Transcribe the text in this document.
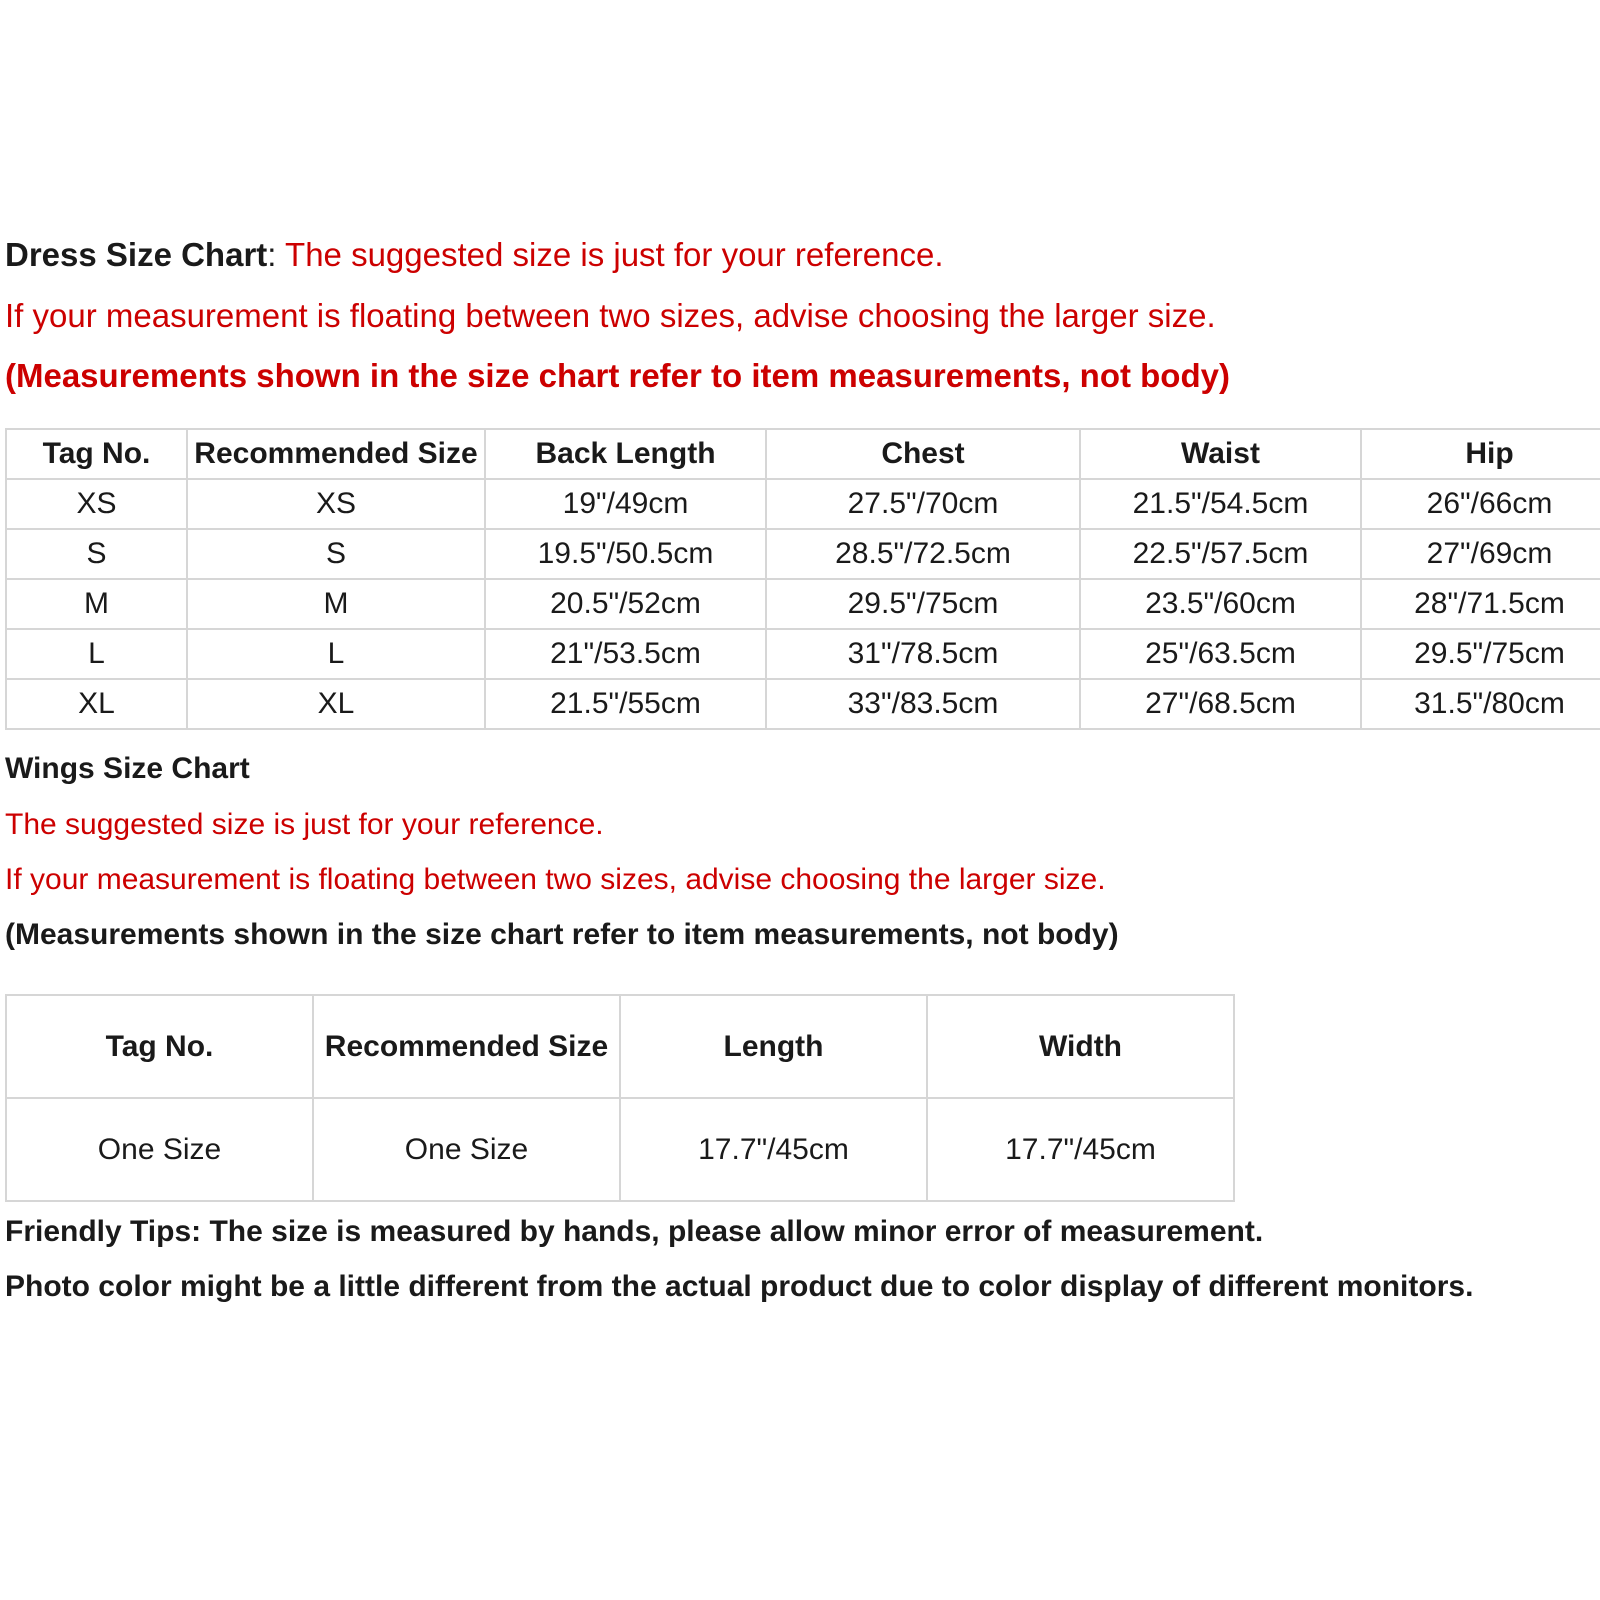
Dress Size Chart: The suggested size is just for your reference.
If your measurement is floating between two sizes, advise choosing the larger size.
(Measurements shown in the size chart refer to item measurements, not body)
Tag No.	Recommended Size	Back Length	Chest	Waist	Hip
XS	XS	19"/49cm	27.5"/70cm	21.5"/54.5cm	26"/66cm
S	S	19.5"/50.5cm	28.5"/72.5cm	22.5"/57.5cm	27"/69cm
M	M	20.5"/52cm	29.5"/75cm	23.5"/60cm	28"/71.5cm
L	L	21"/53.5cm	31"/78.5cm	25"/63.5cm	29.5"/75cm
XL	XL	21.5"/55cm	33"/83.5cm	27"/68.5cm	31.5"/80cm
Wings Size Chart
The suggested size is just for your reference.
If your measurement is floating between two sizes, advise choosing the larger size.
(Measurements shown in the size chart refer to item measurements, not body)
Tag No.	Recommended Size	Length	Width
One Size	One Size	17.7"/45cm	17.7"/45cm
Friendly Tips: The size is measured by hands, please allow minor error of measurement.
Photo color might be a little different from the actual product due to color display of different monitors.
